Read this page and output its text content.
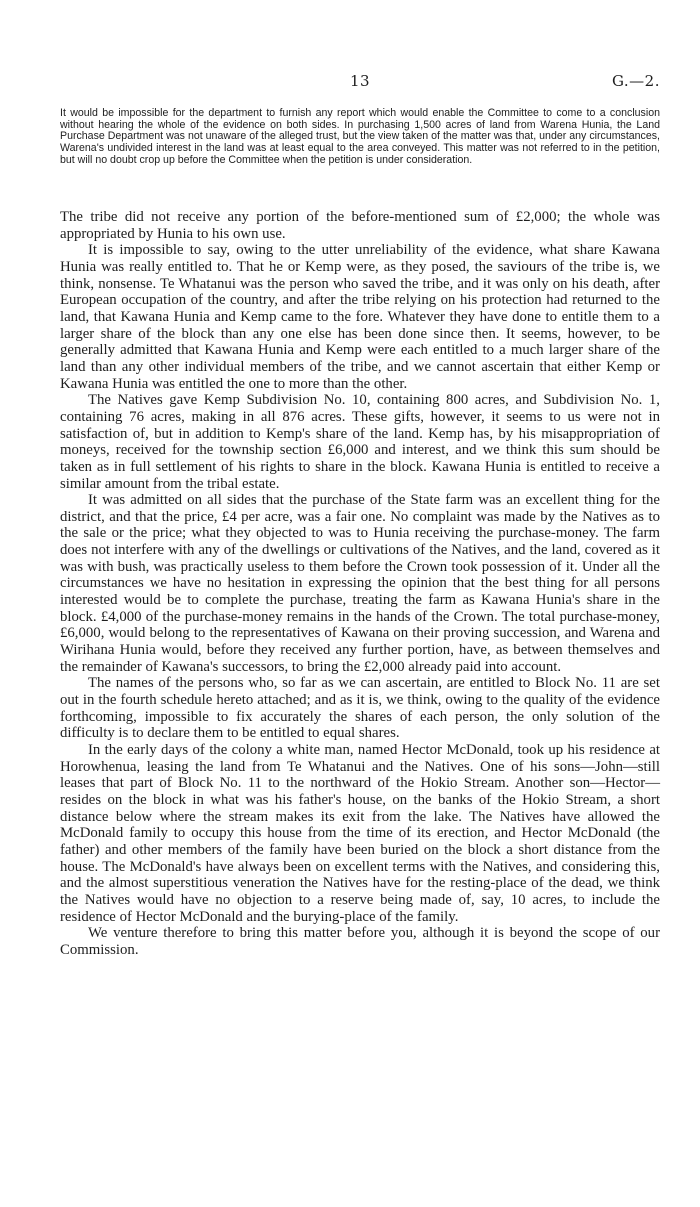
13	G.—2.

It would be impossible for the department to furnish any report which would enable the Committee to come to a conclusion without hearing the whole of the evidence on both sides. In purchasing 1,500 acres of land from Warena Hunia, the Land Purchase Department was not unaware of the alleged trust, but the view taken of the matter was that, under any circumstances, Warena's undivided interest in the land was at least equal to the area conveyed. This matter was not referred to in the petition, but will no doubt crop up before the Committee when the petition is under consideration.

The tribe did not receive any portion of the before-mentioned sum of £2,000; the whole was appropriated by Hunia to his own use.

It is impossible to say, owing to the utter unreliability of the evidence, what share Kawana Hunia was really entitled to. That he or Kemp were, as they posed, the saviours of the tribe is, we think, nonsense. Te Whatanui was the person who saved the tribe, and it was only on his death, after European occupation of the country, and after the tribe relying on his protection had returned to the land, that Kawana Hunia and Kemp came to the fore. Whatever they have done to entitle them to a larger share of the block than any one else has been done since then. It seems, however, to be generally admitted that Kawana Hunia and Kemp were each entitled to a much larger share of the land than any other individual members of the tribe, and we cannot ascertain that either Kemp or Kawana Hunia was entitled the one to more than the other.

The Natives gave Kemp Subdivision No. 10, containing 800 acres, and Subdivision No. 1, containing 76 acres, making in all 876 acres. These gifts, however, it seems to us were not in satisfaction of, but in addition to Kemp's share of the land. Kemp has, by his misappropriation of moneys, received for the township section £6,000 and interest, and we think this sum should be taken as in full settlement of his rights to share in the block. Kawana Hunia is entitled to receive a similar amount from the tribal estate.

It was admitted on all sides that the purchase of the State farm was an excellent thing for the district, and that the price, £4 per acre, was a fair one. No complaint was made by the Natives as to the sale or the price; what they objected to was to Hunia receiving the purchase-money. The farm does not interfere with any of the dwellings or cultivations of the Natives, and the land, covered as it was with bush, was practically useless to them before the Crown took possession of it. Under all the circumstances we have no hesitation in expressing the opinion that the best thing for all persons interested would be to complete the purchase, treating the farm as Kawana Hunia's share in the block. £4,000 of the purchase-money remains in the hands of the Crown. The total purchase-money, £6,000, would belong to the representatives of Kawana on their proving succession, and Warena and Wirihana Hunia would, before they received any further portion, have, as between themselves and the remainder of Kawana's successors, to bring the £2,000 already paid into account.

The names of the persons who, so far as we can ascertain, are entitled to Block No. 11 are set out in the fourth schedule hereto attached; and as it is, we think, owing to the quality of the evidence forthcoming, impossible to fix accurately the shares of each person, the only solution of the difficulty is to declare them to be entitled to equal shares.

In the early days of the colony a white man, named Hector McDonald, took up his residence at Horowhenua, leasing the land from Te Whatanui and the Natives. One of his sons—John—still leases that part of Block No. 11 to the northward of the Hokio Stream. Another son—Hector—resides on the block in what was his father's house, on the banks of the Hokio Stream, a short distance below where the stream makes its exit from the lake. The Natives have allowed the McDonald family to occupy this house from the time of its erection, and Hector McDonald (the father) and other members of the family have been buried on the block a short distance from the house. The McDonald's have always been on excellent terms with the Natives, and considering this, and the almost superstitious veneration the Natives have for the resting-place of the dead, we think the Natives would have no objection to a reserve being made of, say, 10 acres, to include the residence of Hector McDonald and the burying-place of the family.

We venture therefore to bring this matter before you, although it is beyond the scope of our Commission.
